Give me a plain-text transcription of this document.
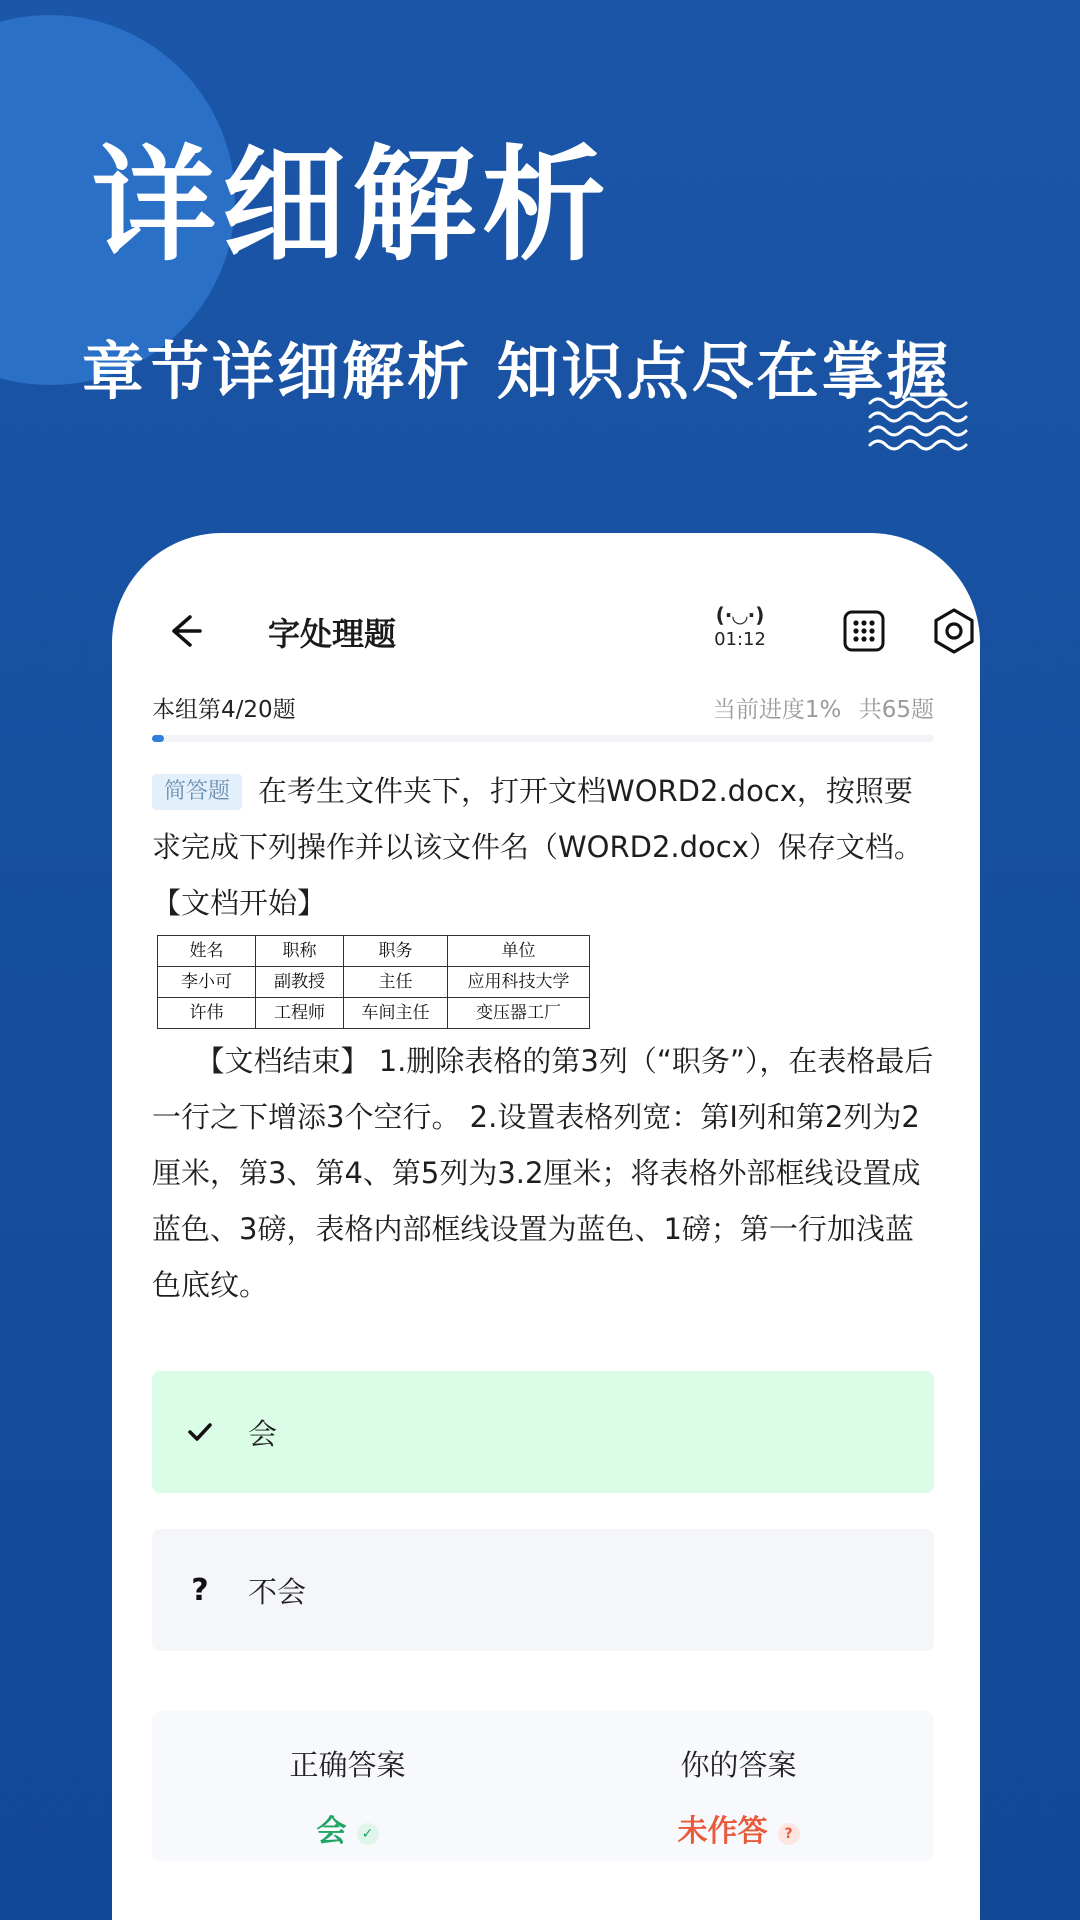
详细解析
章节详细解析 知识点尽在掌握
字处理题
(·◡·)
01:12
本组第4/20题	当前进度1% 共65题
简答题 在考生文件夹下，打开文档WORD2.docx，按照要求完成下列操作并以该文件名（WORD2.docx）保存文档。　　【文档开始】
姓名	职称	职务	单位
李小可	副教授	主任	应用科技大学
许伟	工程师	车间主任	变压器工厂
　　【文档结束】 1.删除表格的第3列（“职务”），在表格最后一行之下增添3个空行。 2.设置表格列宽：第Ⅰ列和第2列为2厘米，第3、第4、第5列为3.2厘米；将表格外部框线设置成蓝色、3磅，表格内部框线设置为蓝色、1磅；第一行加浅蓝色底纹。
会
? 不会
正确答案
会 ✓
你的答案
未作答 ?
